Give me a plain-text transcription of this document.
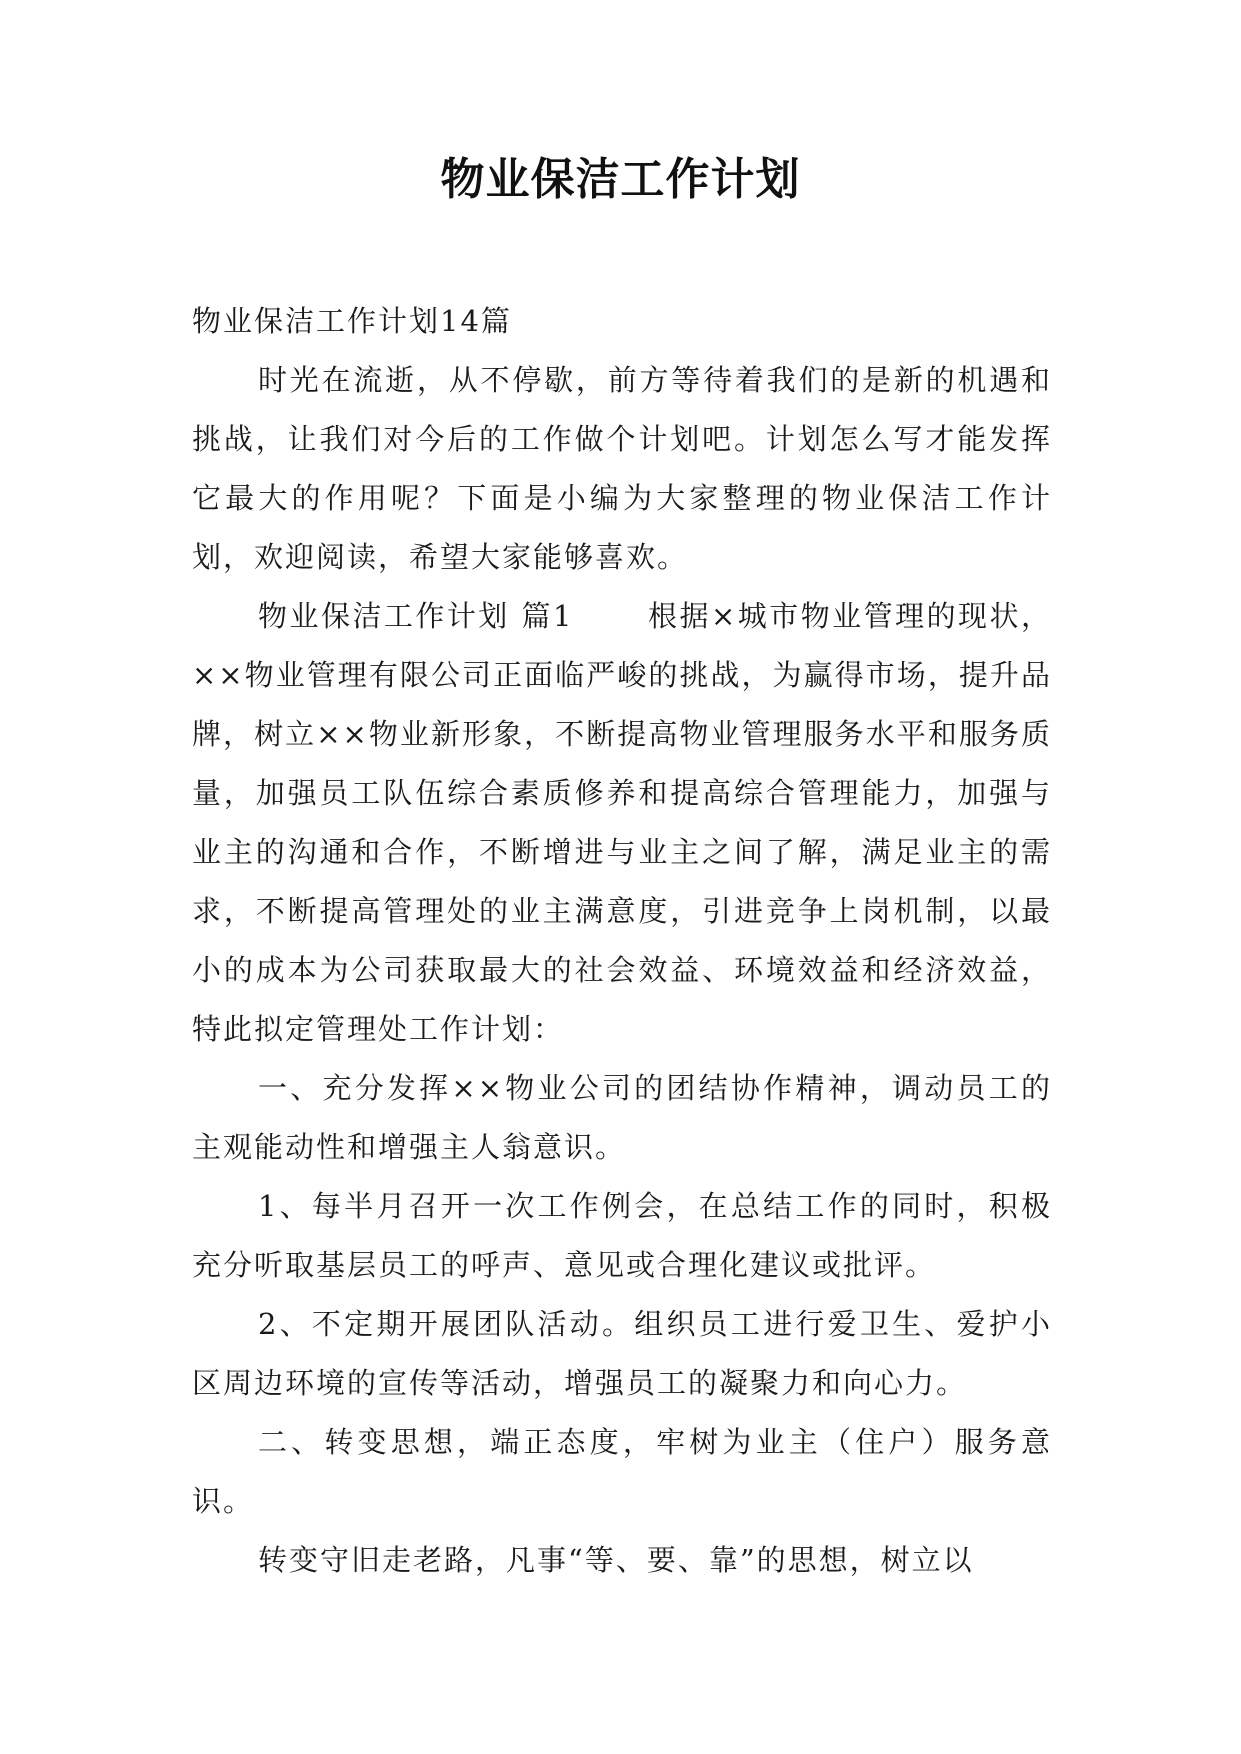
物业保洁工作计划

物业保洁工作计划14篇

时光在流逝，从不停歇，前方等待着我们的是新的机遇和挑战，让我们对今后的工作做个计划吧。计划怎么写才能发挥它最大的作用呢？下面是小编为大家整理的物业保洁工作计划，欢迎阅读，希望大家能够喜欢。

物业保洁工作计划 篇1 　　根据×城市物业管理的现状，××物业管理有限公司正面临严峻的挑战，为赢得市场，提升品牌，树立××物业新形象，不断提高物业管理服务水平和服务质量，加强员工队伍综合素质修养和提高综合管理能力，加强与业主的沟通和合作，不断增进与业主之间了解，满足业主的需求，不断提高管理处的业主满意度，引进竞争上岗机制，以最小的成本为公司获取最大的社会效益、环境效益和经济效益，特此拟定管理处工作计划：

一、充分发挥××物业公司的团结协作精神，调动员工的主观能动性和增强主人翁意识。

1、每半月召开一次工作例会，在总结工作的同时，积极充分听取基层员工的呼声、意见或合理化建议或批评。

2、不定期开展团队活动。组织员工进行爱卫生、爱护小区周边环境的宣传等活动，增强员工的凝聚力和向心力。

二、转变思想，端正态度，牢树为业主（住户）服务意识。

转变守旧走老路，凡事“等、要、靠”的思想，树立以
